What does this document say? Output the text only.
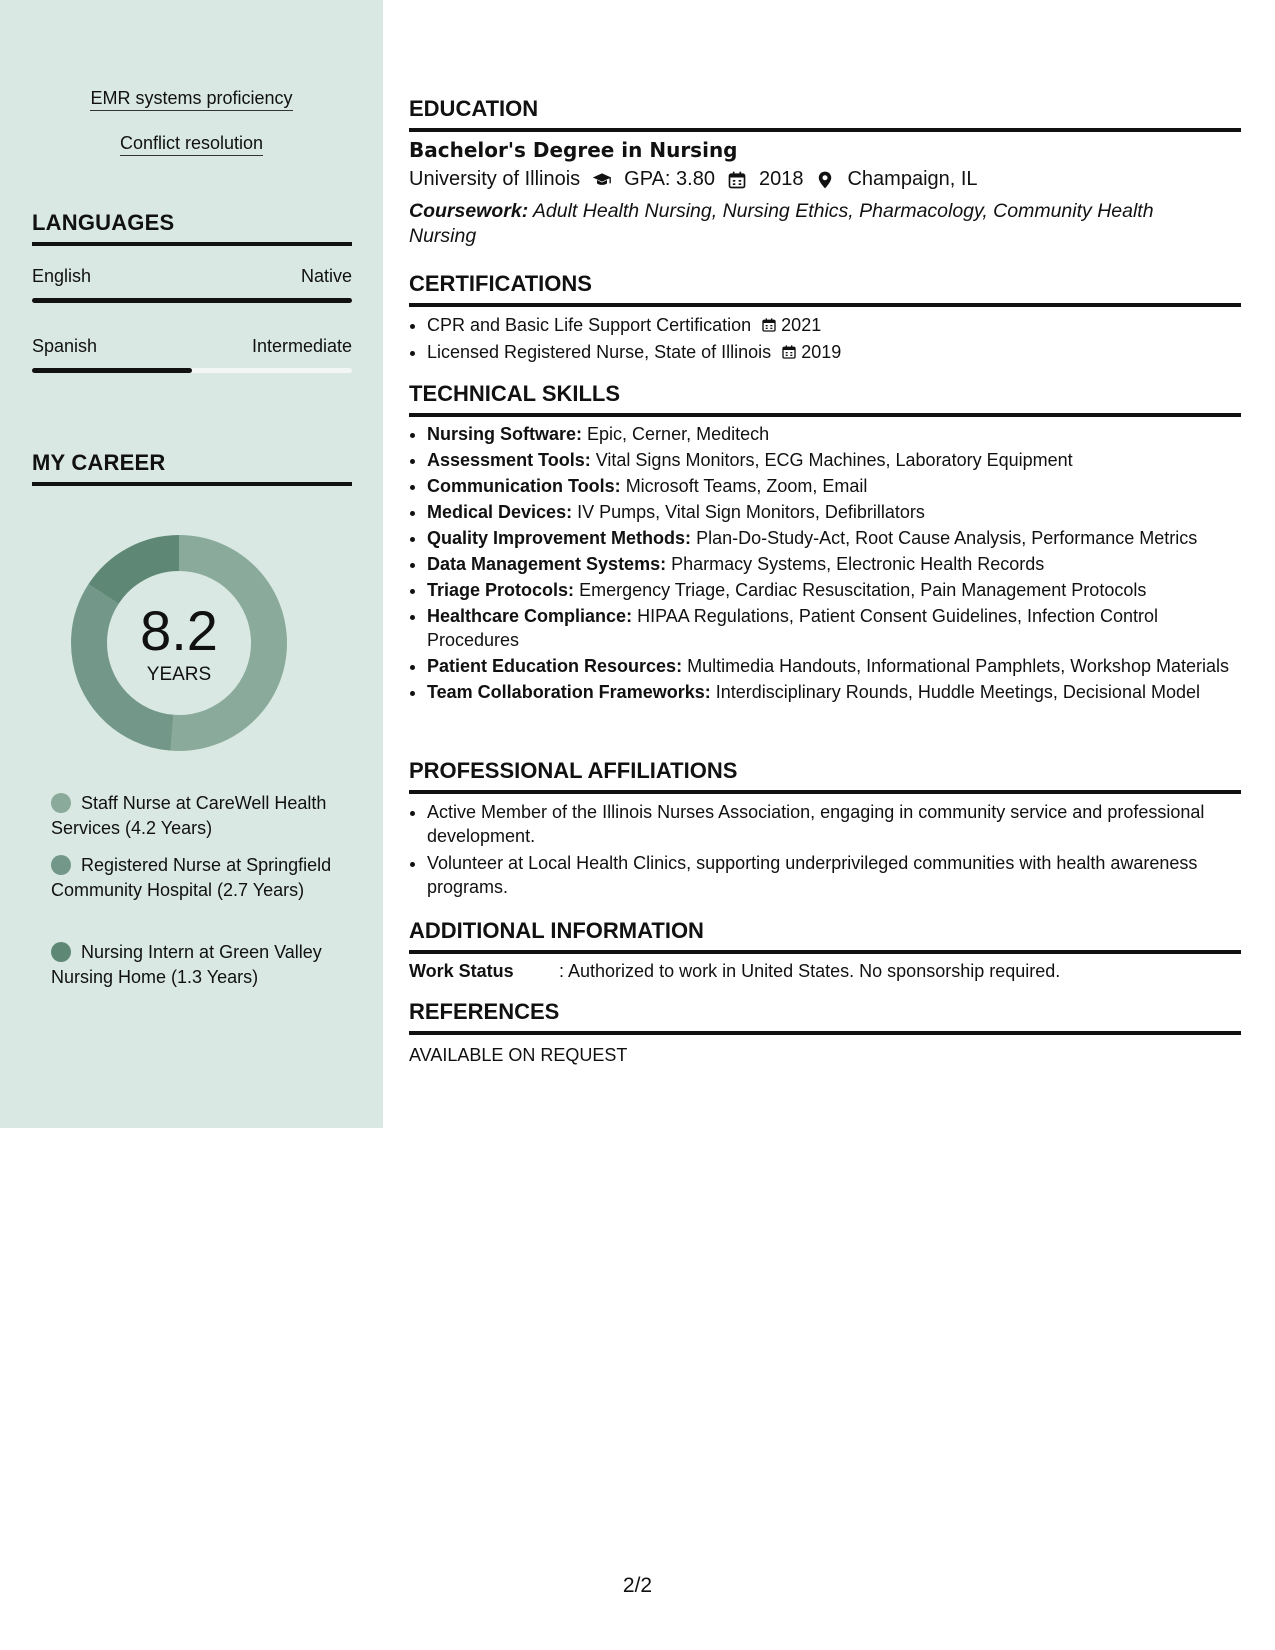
EMR systems proficiency
Conflict resolution
LANGUAGES
English	Native
Spanish	Intermediate
MY CAREER
8.2
YEARS
Staff Nurse at CareWell Health Services (4.2 Years)
Registered Nurse at Springfield Community Hospital (2.7 Years)
Nursing Intern at Green Valley Nursing Home (1.3 Years)
EDUCATION
Bachelor's Degree in Nursing
University of Illinois GPA: 3.80 2018 Champaign, IL
Coursework: Adult Health Nursing, Nursing Ethics, Pharmacology, Community Health Nursing
CERTIFICATIONS
• CPR and Basic Life Support Certification 2021
• Licensed Registered Nurse, State of Illinois 2019
TECHNICAL SKILLS
• Nursing Software: Epic, Cerner, Meditech
• Assessment Tools: Vital Signs Monitors, ECG Machines, Laboratory Equipment
• Communication Tools: Microsoft Teams, Zoom, Email
• Medical Devices: IV Pumps, Vital Sign Monitors, Defibrillators
• Quality Improvement Methods: Plan-Do-Study-Act, Root Cause Analysis, Performance Metrics
• Data Management Systems: Pharmacy Systems, Electronic Health Records
• Triage Protocols: Emergency Triage, Cardiac Resuscitation, Pain Management Protocols
• Healthcare Compliance: HIPAA Regulations, Patient Consent Guidelines, Infection Control Procedures
• Patient Education Resources: Multimedia Handouts, Informational Pamphlets, Workshop Materials
• Team Collaboration Frameworks: Interdisciplinary Rounds, Huddle Meetings, Decisional Model
PROFESSIONAL AFFILIATIONS
• Active Member of the Illinois Nurses Association, engaging in community service and professional development.
• Volunteer at Local Health Clinics, supporting underprivileged communities with health awareness programs.
ADDITIONAL INFORMATION
Work Status	: Authorized to work in United States. No sponsorship required.
REFERENCES
AVAILABLE ON REQUEST
2/2
